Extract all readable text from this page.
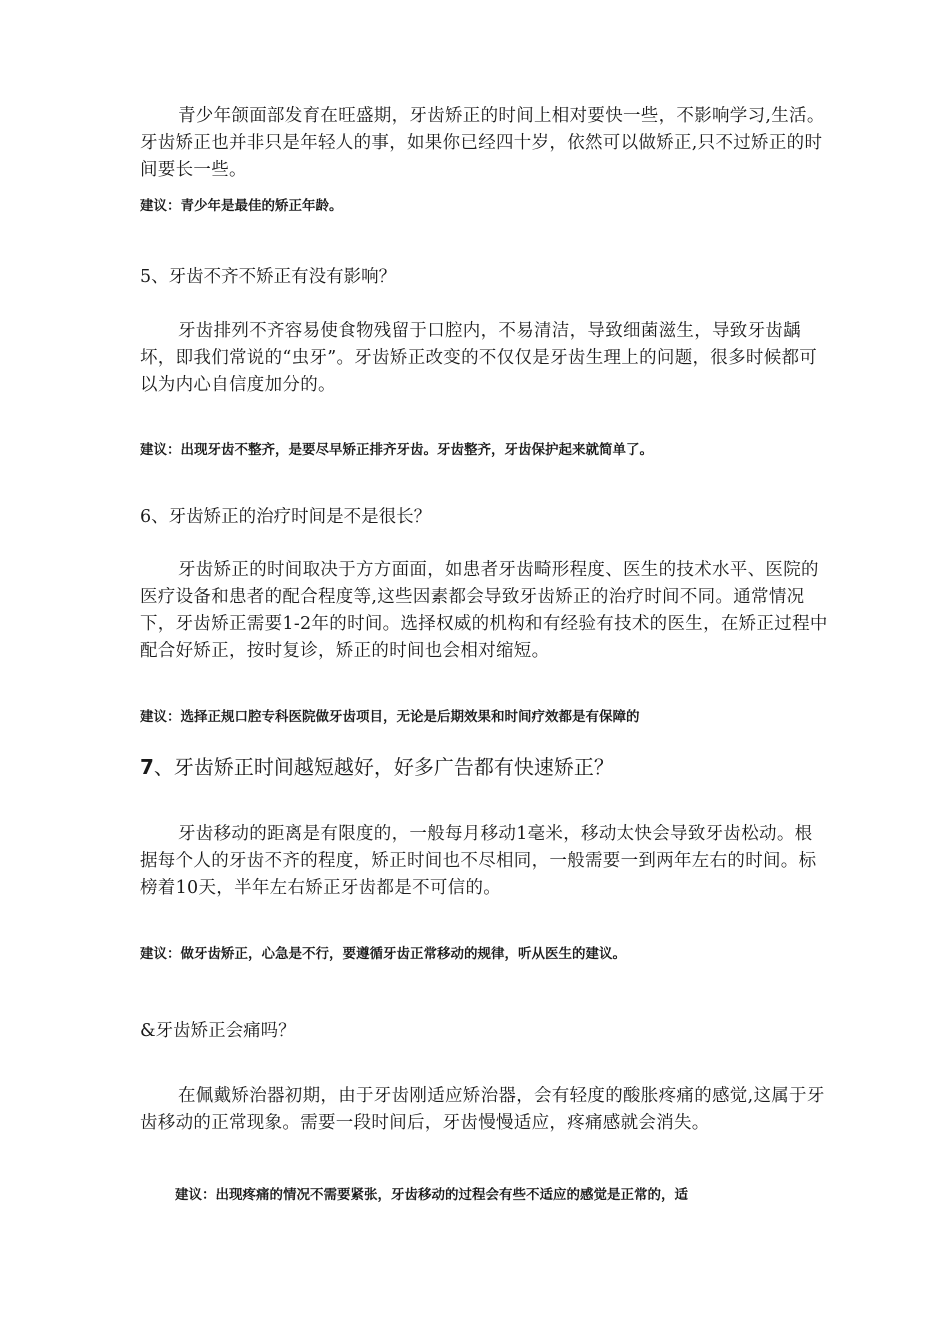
青少年颌面部发育在旺盛期，牙齿矫正的时间上相对要快一些，不影响学习,生活。牙齿矫正也并非只是年轻人的事，如果你已经四十岁，依然可以做矫正,只不过矫正的时间要长一些。

建议：青少年是最佳的矫正年龄。

5、牙齿不齐不矫正有没有影响？

牙齿排列不齐容易使食物残留于口腔内，不易清洁，导致细菌滋生，导致牙齿龋坏，即我们常说的“虫牙”。牙齿矫正改变的不仅仅是牙齿生理上的问题，很多时候都可以为内心自信度加分的。

建议：出现牙齿不整齐，是要尽早矫正排齐牙齿。牙齿整齐，牙齿保护起来就简单了。

6、牙齿矫正的治疗时间是不是很长？

牙齿矫正的时间取决于方方面面，如患者牙齿畸形程度、医生的技术水平、医院的医疗设备和患者的配合程度等,这些因素都会导致牙齿矫正的治疗时间不同。通常情况下，牙齿矫正需要1-2年的时间。选择权威的机构和有经验有技术的医生，在矫正过程中配合好矫正，按时复诊，矫正的时间也会相对缩短。

建议：选择正规口腔专科医院做牙齿项目，无论是后期效果和时间疗效都是有保障的

7、牙齿矫正时间越短越好，好多广告都有快速矫正？

牙齿移动的距离是有限度的，一般每月移动1毫米，移动太快会导致牙齿松动。根据每个人的牙齿不齐的程度，矫正时间也不尽相同，一般需要一到两年左右的时间。标榜着10天，半年左右矫正牙齿都是不可信的。

建议：做牙齿矫正，心急是不行，要遵循牙齿正常移动的规律，听从医生的建议。

&牙齿矫正会痛吗？

在佩戴矫治器初期，由于牙齿刚适应矫治器，会有轻度的酸胀疼痛的感觉,这属于牙齿移动的正常现象。需要一段时间后，牙齿慢慢适应，疼痛感就会消失。

建议：出现疼痛的情况不需要紧张，牙齿移动的过程会有些不适应的感觉是正常的，适
